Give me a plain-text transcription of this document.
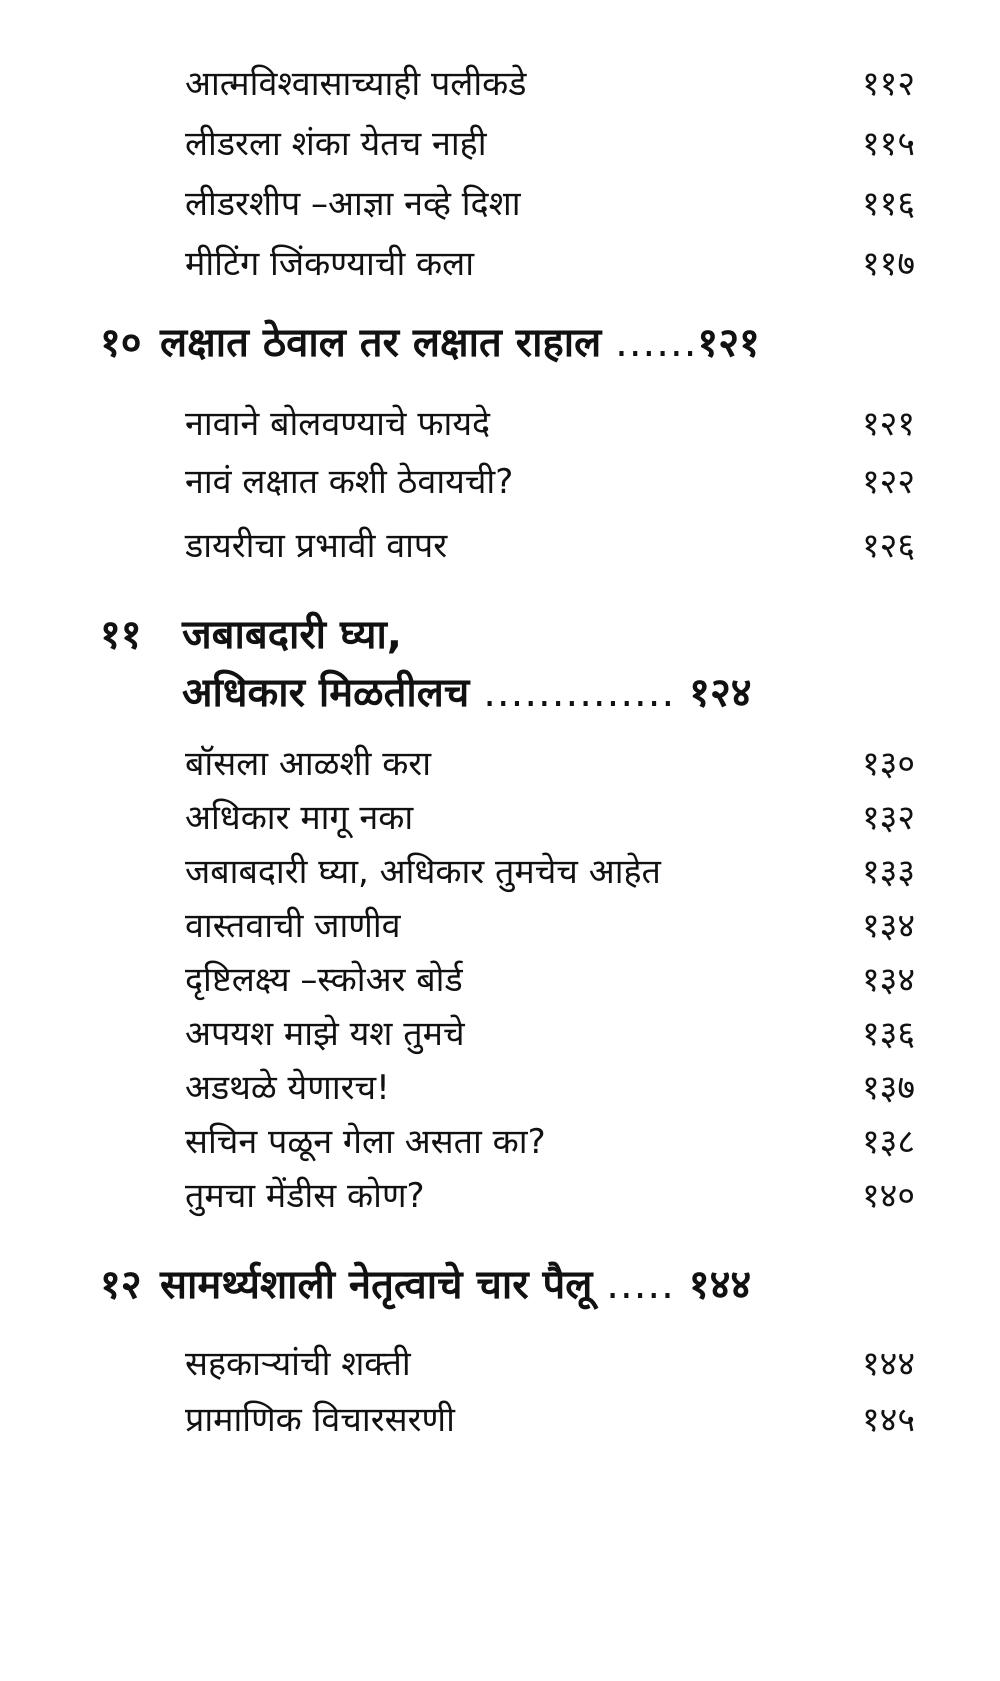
आत्मविश्वासाच्याही पलीकडे	११२
लीडरला शंका येतच नाही	११५
लीडरशीप –आज्ञा नव्हे दिशा	११६
मीटिंग जिंकण्याची कला	११७
१० लक्षात ठेवाल तर लक्षात राहाल ......१२१
नावाने बोलवण्याचे फायदे	१२१
नावं लक्षात कशी ठेवायची?	१२२
डायरीचा प्रभावी वापर	१२६
११ जबाबदारी घ्या,
अधिकार मिळतीलच .............. १२४
बॉसला आळशी करा	१३०
अधिकार मागू नका	१३२
जबाबदारी घ्या, अधिकार तुमचेच आहेत	१३३
वास्तवाची जाणीव	१३४
दृष्टिलक्ष्य –स्कोअर बोर्ड	१३४
अपयश माझे यश तुमचे	१३६
अडथळे येणारच!	१३७
सचिन पळून गेला असता का?	१३८
तुमचा मेंडीस कोण?	१४०
१२ सामर्थ्यशाली नेतृत्वाचे चार पैलू ..... १४४
सहकाऱ्यांची शक्ती	१४४
प्रामाणिक विचारसरणी	१४५
